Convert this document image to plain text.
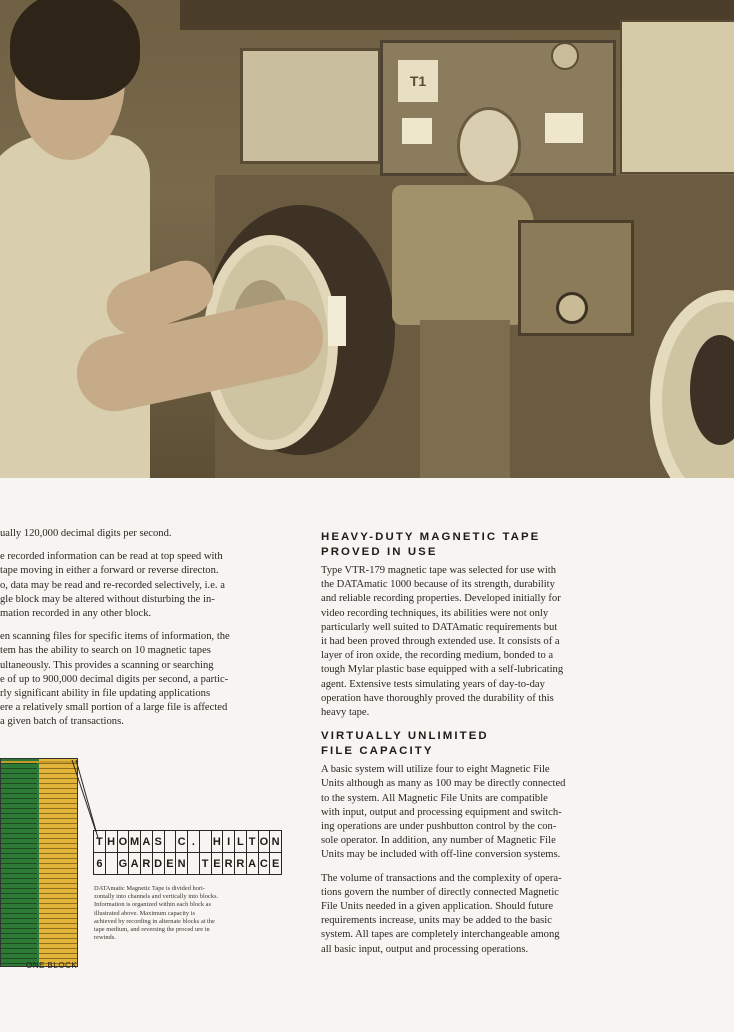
T1

ually 120,000 decimal digits per second.

e recorded information can be read at top speed with
tape moving in either a forward or reverse directon.
o, data may be read and re-recorded selectively, i.e. a
gle block may be altered without disturbing the in-
mation recorded in any other block.

en scanning files for specific items of information, the
tem has the ability to search on 10 magnetic tapes
ultaneously. This provides a scanning or searching
e of up to 900,000 decimal digits per second, a partic-
rly significant ability in file updating applications
ere a relatively small portion of a large file is affected
a given batch of transactions.

HEAVY-DUTY MAGNETIC TAPE
PROVED IN USE

Type VTR-179 magnetic tape was selected for use with
the DATAmatic 1000 because of its strength, durability
and reliable recording properties. Developed initially for
video recording techniques, its abilities were not only
particularly well suited to DATAmatic requirements but
it had been proved through extended use. It consists of a
layer of iron oxide, the recording medium, bonded to a
tough Mylar plastic base equipped with a self-lubricating
agent. Extensive tests simulating years of day-to-day
operation have thoroughly proved the durability of this
heavy tape.

VIRTUALLY UNLIMITED
FILE CAPACITY

A basic system will utilize four to eight Magnetic File
Units although as many as 100 may be directly connected
to the system. All Magnetic File Units are compatible
with input, output and processing equipment and switch-
ing operations are under pushbutton control by the con-
sole operator. In addition, any number of Magnetic File
Units may be included with off-line conversion systems.

The volume of transactions and the complexity of opera-
tions govern the number of directly connected Magnetic
File Units needed in a given application. Should future
requirements increase, units may be added to the basic
system. All tapes are completely interchangeable among
all basic input, output and processing operations.

T H O M A S C .	H I L T O N
6	G A R D E N T E R R A C E
DATAmatic Magnetic Tape is divided hori-
zontally into channels and vertically into blocks.
Information is organized within each block as
illustrated above. Maximum capacity is
achieved by recording in alternate blocks at the
tape medium, and reversing the proced ure in
rewinds.
ONE BLOCK
